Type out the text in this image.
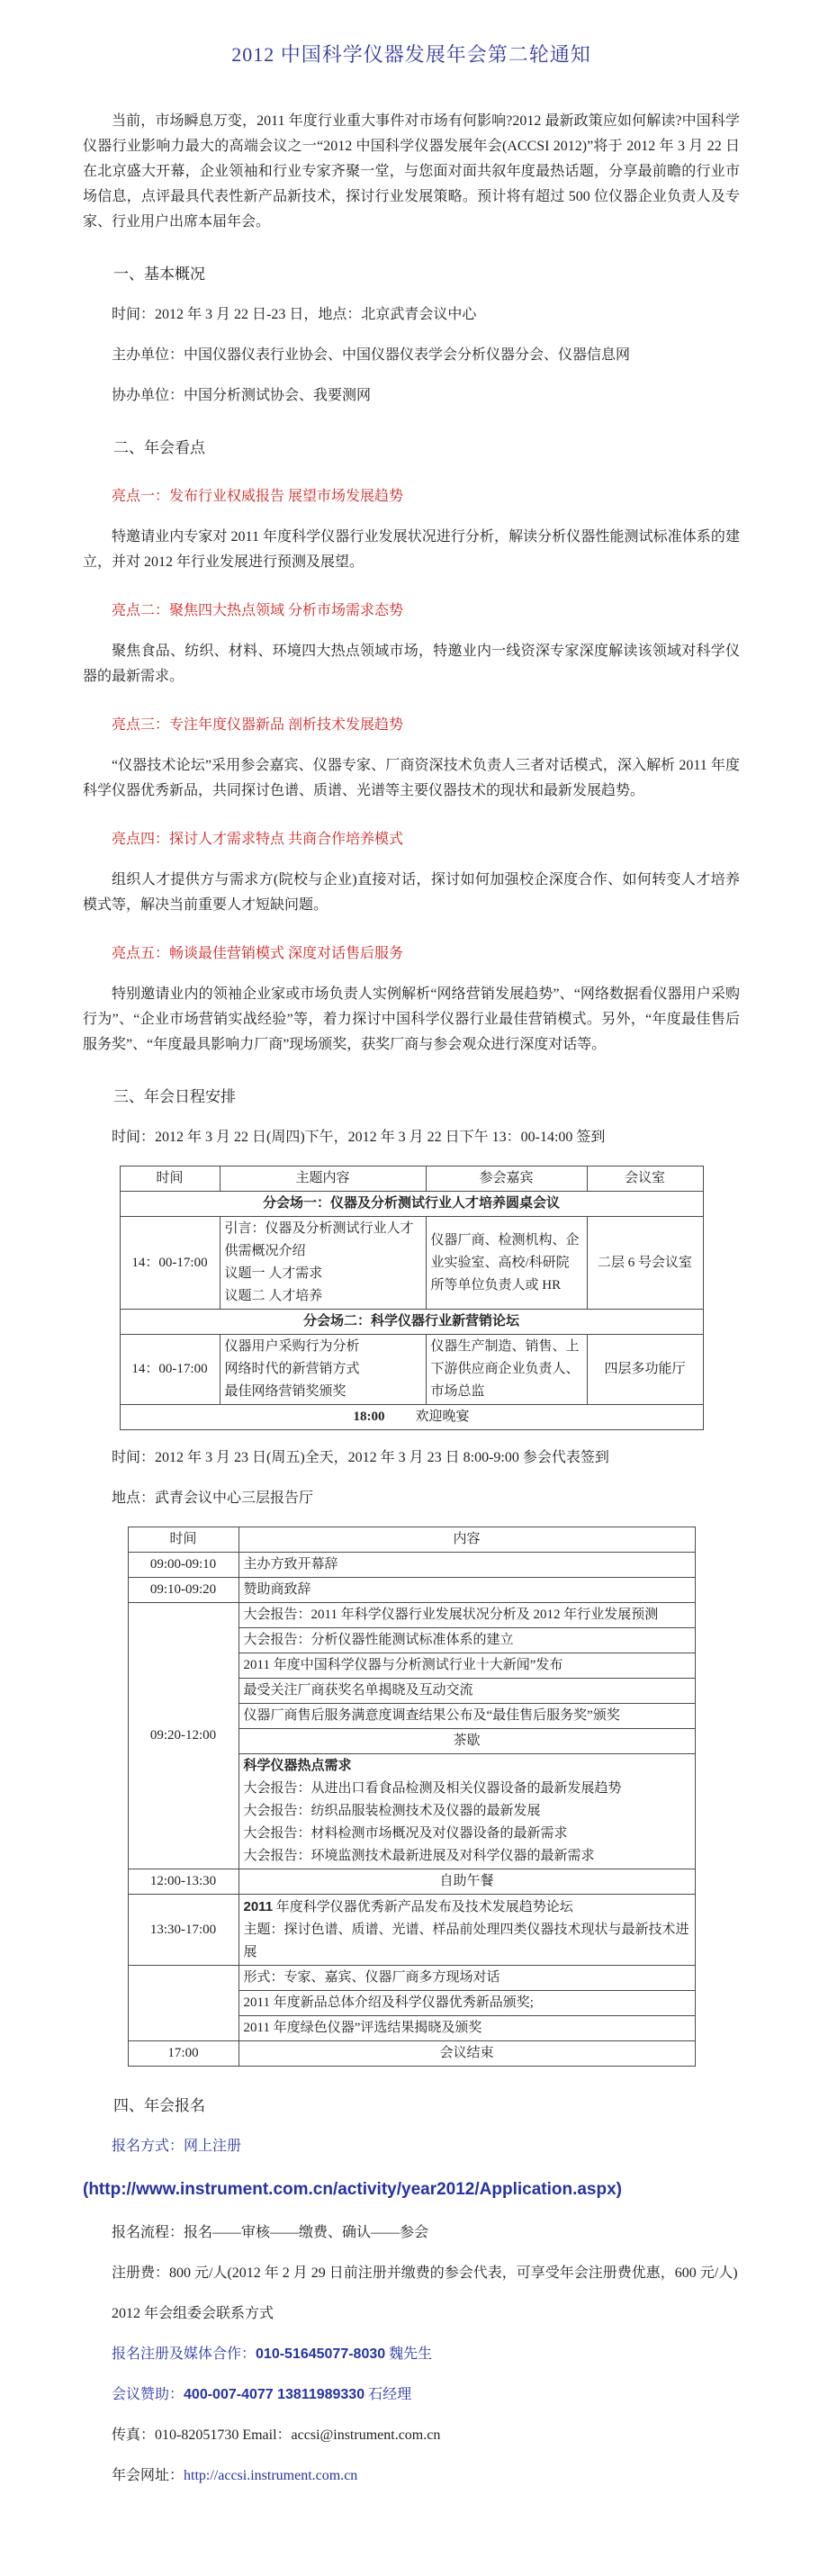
2012 中国科学仪器发展年会第二轮通知

当前，市场瞬息万变，2011 年度行业重大事件对市场有何影响?2012 最新政策应如何解读?中国科学仪器行业影响力最大的高端会议之一“2012 中国科学仪器发展年会(ACCSI 2012)”将于 2012 年 3 月 22 日在北京盛大开幕，企业领袖和行业专家齐聚一堂，与您面对面共叙年度最热话题，分享最前瞻的行业市场信息，点评最具代表性新产品新技术，探讨行业发展策略。预计将有超过 500 位仪器企业负责人及专家、行业用户出席本届年会。

一、基本概况

时间：2012 年 3 月 22 日-23 日，地点：北京武青会议中心

主办单位：中国仪器仪表行业协会、中国仪器仪表学会分析仪器分会、仪器信息网

协办单位：中国分析测试协会、我要测网

二、年会看点

亮点一：发布行业权威报告 展望市场发展趋势

特邀请业内专家对 2011 年度科学仪器行业发展状况进行分析，解读分析仪器性能测试标准体系的建立，并对 2012 年行业发展进行预测及展望。

亮点二：聚焦四大热点领域 分析市场需求态势

聚焦食品、纺织、材料、环境四大热点领域市场，特邀业内一线资深专家深度解读该领域对科学仪器的最新需求。

亮点三：专注年度仪器新品 剖析技术发展趋势

“仪器技术论坛”采用参会嘉宾、仪器专家、厂商资深技术负责人三者对话模式，深入解析 2011 年度科学仪器优秀新品，共同探讨色谱、质谱、光谱等主要仪器技术的现状和最新发展趋势。

亮点四：探讨人才需求特点 共商合作培养模式

组织人才提供方与需求方(院校与企业)直接对话，探讨如何加强校企深度合作、如何转变人才培养模式等，解决当前重要人才短缺问题。

亮点五：畅谈最佳营销模式 深度对话售后服务

特别邀请业内的领袖企业家或市场负责人实例解析“网络营销发展趋势”、“网络数据看仪器用户采购行为”、“企业市场营销实战经验”等，着力探讨中国科学仪器行业最佳营销模式。另外，“年度最佳售后服务奖”、“年度最具影响力厂商”现场颁奖，获奖厂商与参会观众进行深度对话等。

三、年会日程安排

时间：2012 年 3 月 22 日(周四)下午，2012 年 3 月 22 日下午 13：00-14:00 签到

时间	主题内容	参会嘉宾	会议室
分会场一：仪器及分析测试行业人才培养圆桌会议			
14：00-17:00	引言：仪器及分析测试行业人才供需概况介绍
议题一 人才需求
议题二 人才培养	仪器厂商、检测机构、企业实验室、高校/科研院所等单位负责人或 HR	二层 6 号会议室
分会场二：科学仪器行业新营销论坛			
14：00-17:00	仪器用户采购行为分析
网络时代的新营销方式
最佳网络营销奖颁奖	仪器生产制造、销售、上下游供应商企业负责人、市场总监	四层多功能厅
18:00 欢迎晚宴			

时间：2012 年 3 月 23 日(周五)全天，2012 年 3 月 23 日 8:00-9:00 参会代表签到

地点：武青会议中心三层报告厅

时间	内容
09:00-09:10	主办方致开幕辞
09:10-09:20	赞助商致辞
09:20-12:00	大会报告：2011 年科学仪器行业发展状况分析及 2012 年行业发展预测
	大会报告：分析仪器性能测试标准体系的建立
	2011 年度中国科学仪器与分析测试行业十大新闻”发布
	最受关注厂商获奖名单揭晓及互动交流
	仪器厂商售后服务满意度调查结果公布及“最佳售后服务奖”颁奖
	茶歇

	科学仪器热点需求
大会报告：从进出口看食品检测及相关仪器设备的最新发展趋势
大会报告：纺织品服装检测技术及仪器的最新发展
大会报告：材料检测市场概况及对仪器设备的最新需求
大会报告：环境监测技术最新进展及对科学仪器的最新需求

12:00-13:30	自助午餐
13:30-17:00	2011 年度科学仪器优秀新产品发布及技术发展趋势论坛
主题：探讨色谱、质谱、光谱、样品前处理四类仪器技术现状与最新技术进展

	形式：专家、嘉宾、仪器厂商多方现场对话
	2011 年度新品总体介绍及科学仪器优秀新品颁奖;
	2011 年度绿色仪器”评选结果揭晓及颁奖
17:00	会议结束
四、年会报名

报名方式：网上注册

(http://www.instrument.com.cn/activity/year2012/Application.aspx)

报名流程：报名——审核——缴费、确认——参会

注册费：800 元/人(2012 年 2 月 29 日前注册并缴费的参会代表，可享受年会注册费优惠，600 元/人)

2012 年会组委会联系方式

报名注册及媒体合作：010-51645077-8030 魏先生

会议赞助：400-007-4077 13811989330 石经理

传真：010-82051730 Email：accsi@instrument.com.cn

年会网址：http://accsi.instrument.com.cn
